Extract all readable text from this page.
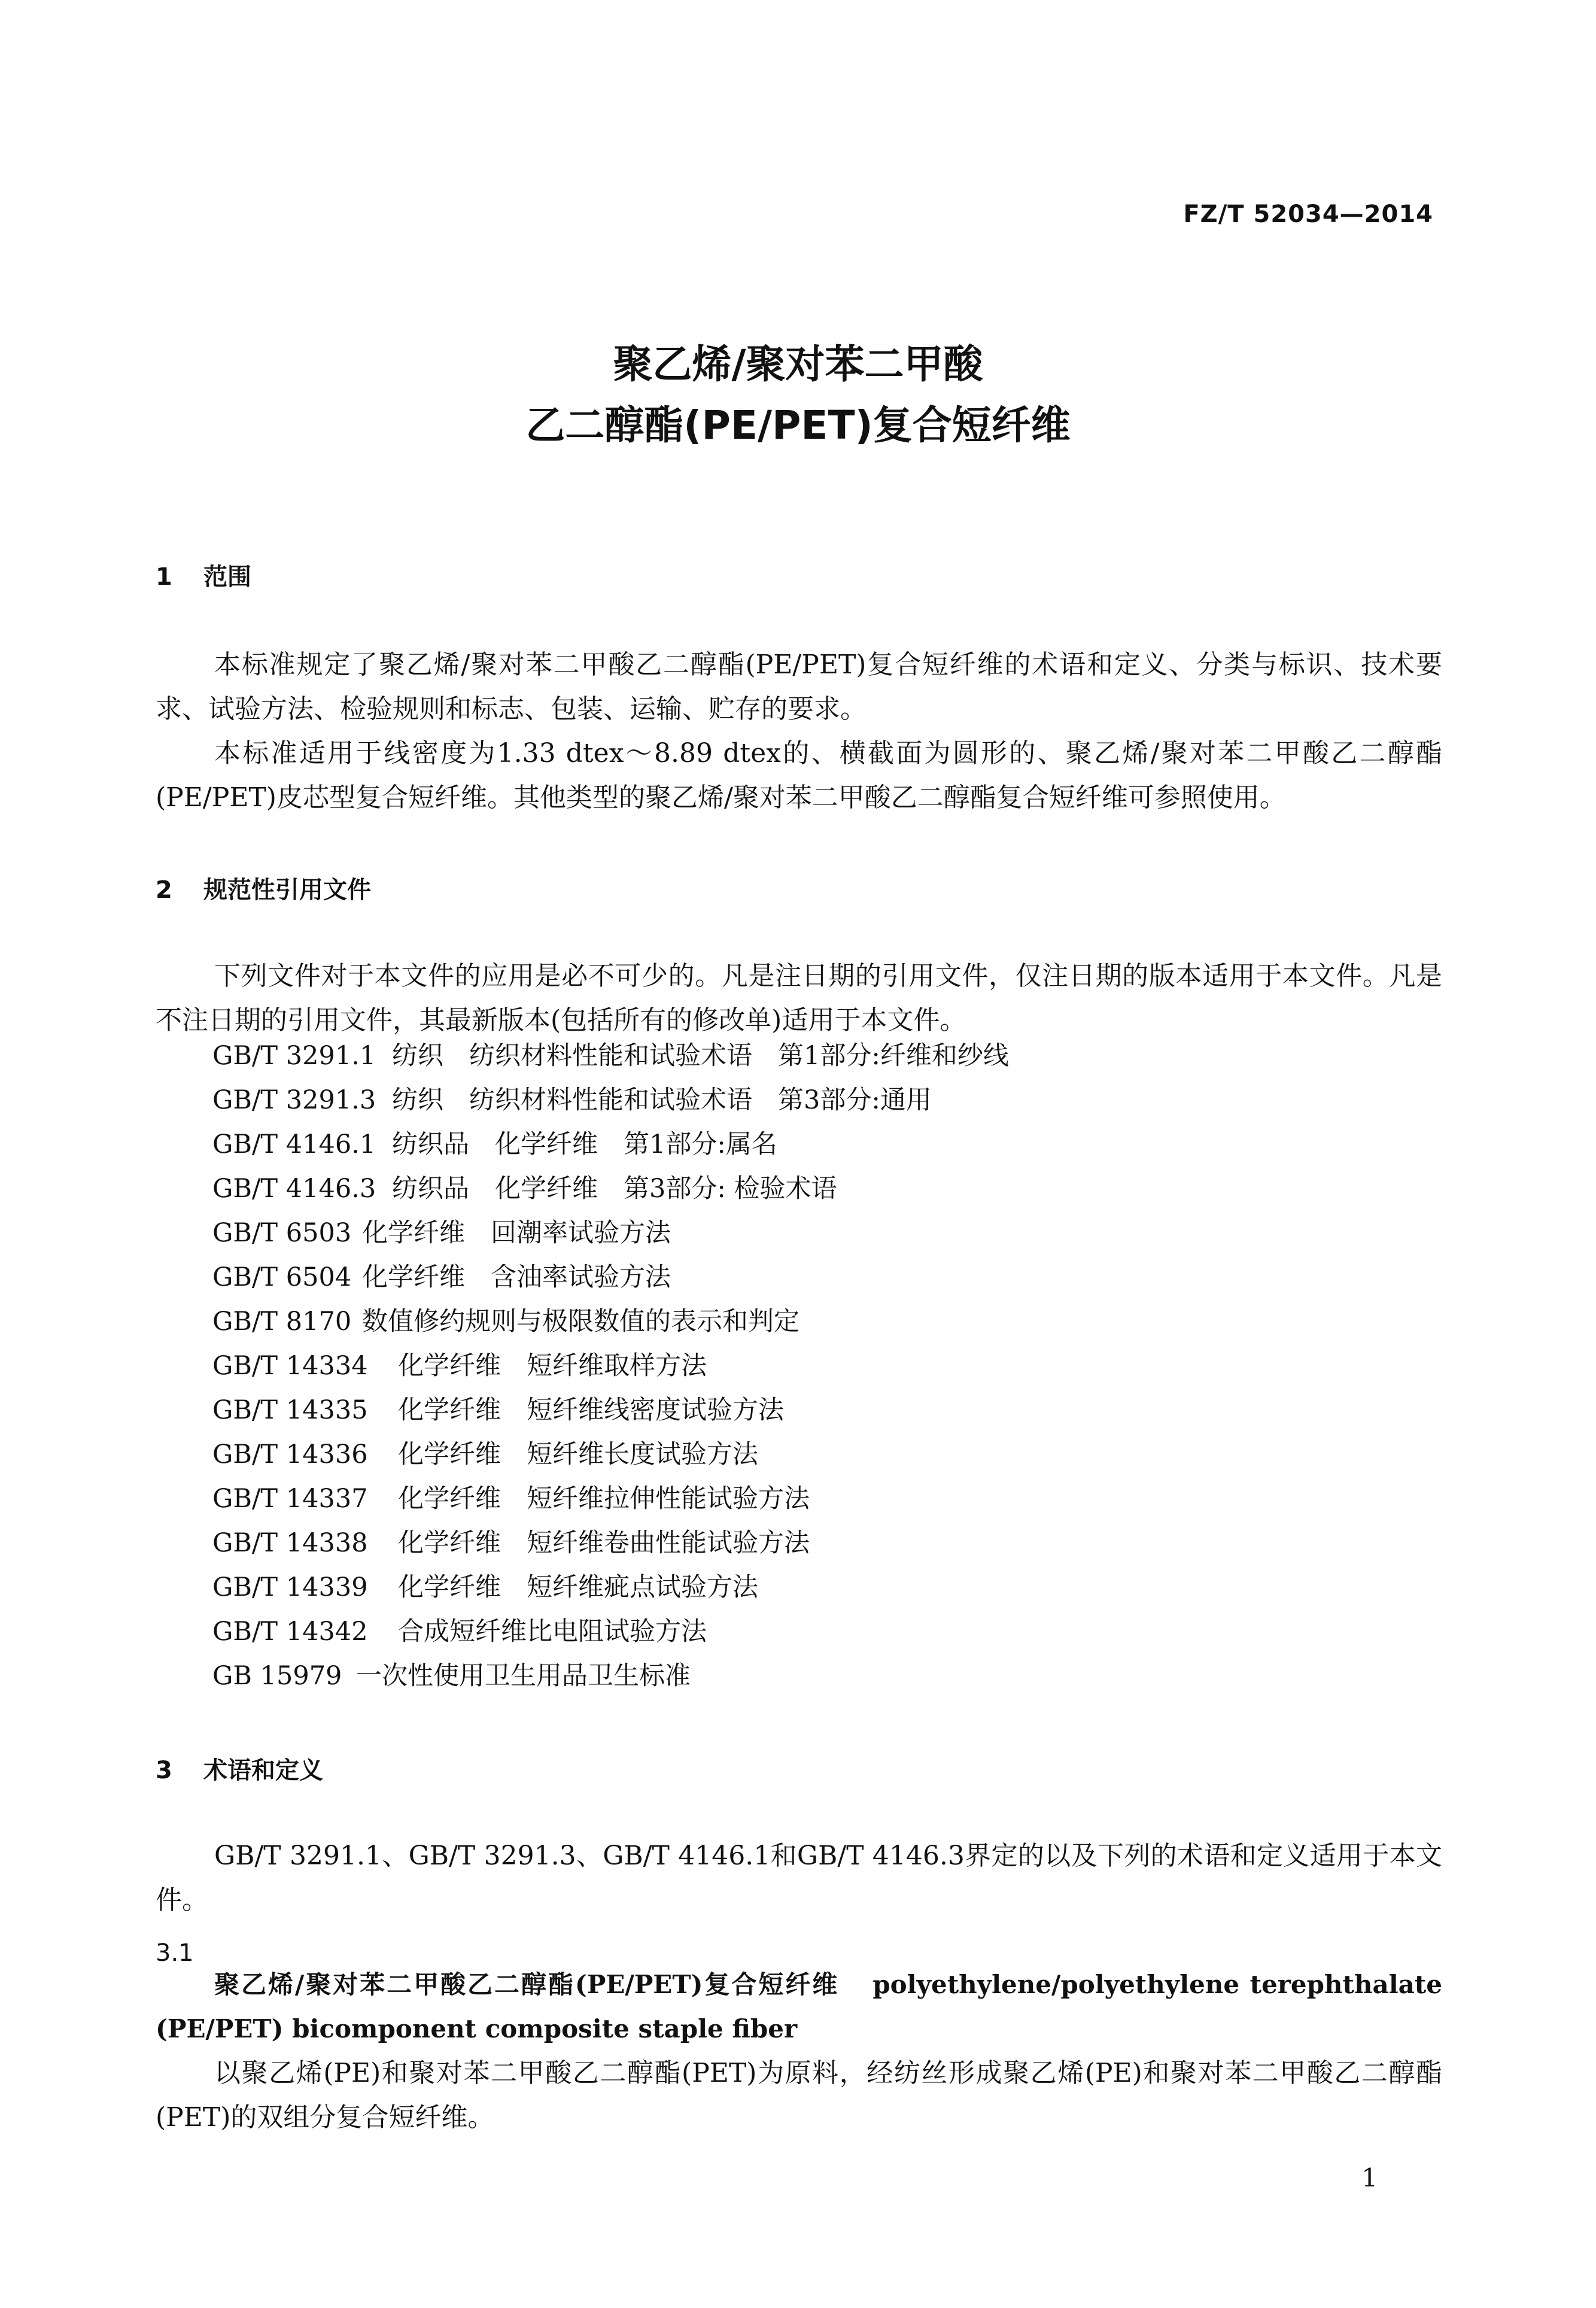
FZ/T 52034—2014
聚乙烯/聚对苯二甲酸
乙二醇酯(PE/PET)复合短纤维
1 范围
本标准规定了聚乙烯/聚对苯二甲酸乙二醇酯(PE/PET)复合短纤维的术语和定义、分类与标识、技术要求、试验方法、检验规则和标志、包装、运输、贮存的要求。
本标准适用于线密度为1.33 dtex～8.89 dtex的、横截面为圆形的、聚乙烯/聚对苯二甲酸乙二醇酯(PE/PET)皮芯型复合短纤维。其他类型的聚乙烯/聚对苯二甲酸乙二醇酯复合短纤维可参照使用。
2 规范性引用文件
下列文件对于本文件的应用是必不可少的。凡是注日期的引用文件，仅注日期的版本适用于本文件。凡是不注日期的引用文件，其最新版本(包括所有的修改单)适用于本文件。
GB/T 3291.1 纺织　纺织材料性能和试验术语　第1部分:纤维和纱线
GB/T 3291.3 纺织　纺织材料性能和试验术语　第3部分:通用
GB/T 4146.1 纺织品　化学纤维　第1部分:属名
GB/T 4146.3 纺织品　化学纤维　第3部分: 检验术语
GB/T 6503 化学纤维　回潮率试验方法
GB/T 6504 化学纤维　含油率试验方法
GB/T 8170 数值修约规则与极限数值的表示和判定
GB/T 14334 化学纤维　短纤维取样方法
GB/T 14335 化学纤维　短纤维线密度试验方法
GB/T 14336 化学纤维　短纤维长度试验方法
GB/T 14337 化学纤维　短纤维拉伸性能试验方法
GB/T 14338 化学纤维　短纤维卷曲性能试验方法
GB/T 14339 化学纤维　短纤维疵点试验方法
GB/T 14342 合成短纤维比电阻试验方法
GB 15979 一次性使用卫生用品卫生标准
3 术语和定义
GB/T 3291.1、GB/T 3291.3、GB/T 4146.1和GB/T 4146.3界定的以及下列的术语和定义适用于本文件。
3.1
聚乙烯/聚对苯二甲酸乙二醇酯(PE/PET)复合短纤维 polyethylene/polyethylene terephthalate (PE/PET) bicomponent composite staple fiber
以聚乙烯(PE)和聚对苯二甲酸乙二醇酯(PET)为原料，经纺丝形成聚乙烯(PE)和聚对苯二甲酸乙二醇酯(PET)的双组分复合短纤维。
1
